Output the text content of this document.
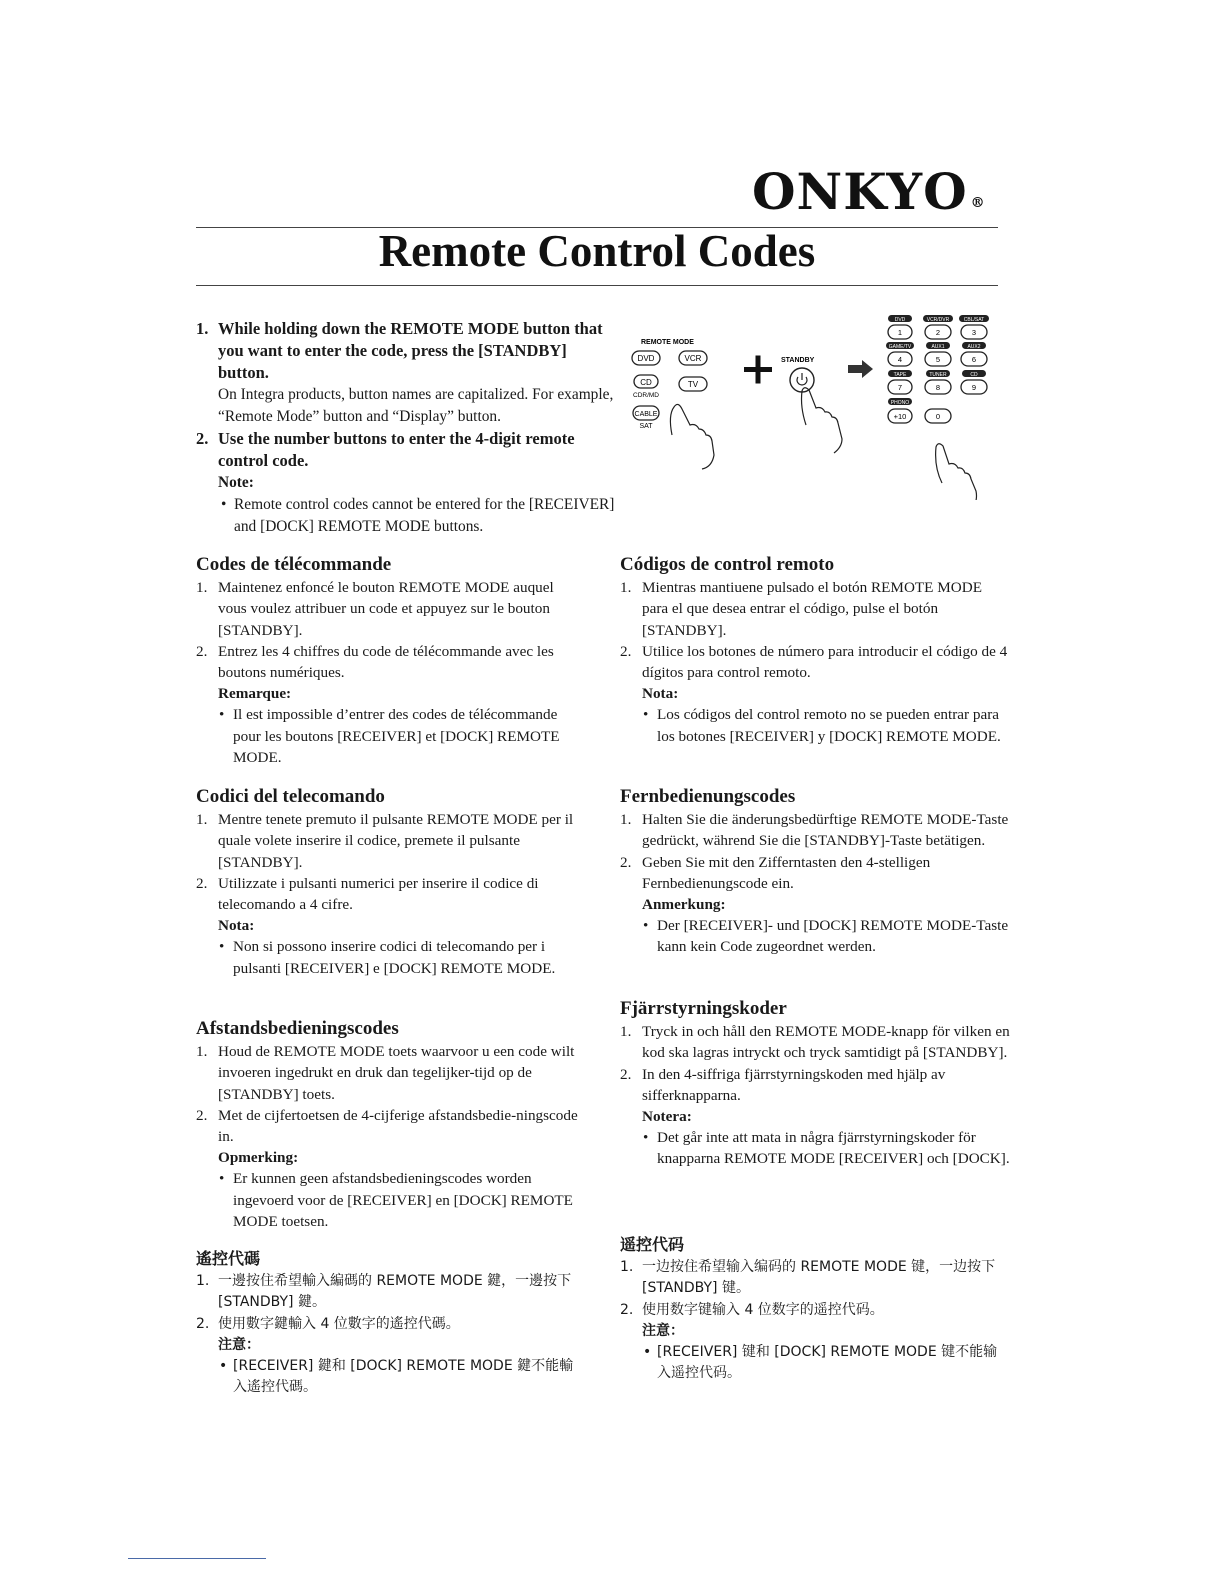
ONKYO ®
Remote Control Codes
1. While holding down the REMOTE MODE button that you want to enter the code, press the [STANDBY] button.
On Integra products, button names are capitalized. For example, “Remote Mode” button and “Display” button.
2. Use the number buttons to enter the 4-digit remote control code.
Note:
• Remote control codes cannot be entered for the [RECEIVER] and [DOCK] REMOTE MODE buttons.
REMOTE MODE
DVD	VCR
CD	TV
CDR/MD
CABLE
SAT
STANDBY
DVD	VCR/DVR	CBL/SAT
1	2	3
GAME/TV	AUX1	AUX2
4	5	6
TAPE	TUNER	CD
7	8	9
PHONO
+10	0
Codes de télécommande
1. Maintenez enfoncé le bouton REMOTE MODE auquel vous voulez attribuer un code et appuyez sur le bouton [STANDBY].
2. Entrez les 4 chiffres du code de télécommande avec les boutons numériques.
Remarque:
• Il est impossible d’entrer des codes de télécommande pour les boutons [RECEIVER] et [DOCK] REMOTE MODE.
Codici del telecomando
1. Mentre tenete premuto il pulsante REMOTE MODE per il quale volete inserire il codice, premete il pulsante [STANDBY].
2. Utilizzate i pulsanti numerici per inserire il codice di telecomando a 4 cifre.
Nota:
• Non si possono inserire codici di telecomando per i pulsanti [RECEIVER] e [DOCK] REMOTE MODE.
Afstandsbedieningscodes
1. Houd de REMOTE MODE toets waarvoor u een code wilt invoeren ingedrukt en druk dan tegelijker-tijd op de [STANDBY] toets.
2. Met de cijfertoetsen de 4-cijferige afstandsbedie-ningscode in.
Opmerking:
• Er kunnen geen afstandsbedieningscodes worden ingevoerd voor de [RECEIVER] en [DOCK] REMOTE MODE toetsen.
遙控代碼
1. 一邊按住希望輸入編碼的 REMOTE MODE 鍵，一邊按下 [STANDBY] 鍵。
2. 使用數字鍵輸入 4 位數字的遙控代碼。
注意：
• [RECEIVER] 鍵和 [DOCK] REMOTE MODE 鍵不能輸入遙控代碼。
Códigos de control remoto
1. Mientras mantiuene pulsado el botón REMOTE MODE para el que desea entrar el código, pulse el botón [STANDBY].
2. Utilice los botones de número para introducir el código de 4 dígitos para control remoto.
Nota:
• Los códigos del control remoto no se pueden entrar para los botones [RECEIVER] y [DOCK] REMOTE MODE.
Fernbedienungscodes
1. Halten Sie die änderungsbedürftige REMOTE MODE-Taste gedrückt, während Sie die [STANDBY]-Taste betätigen.
2. Geben Sie mit den Zifferntasten den 4-stelligen Fernbedienungscode ein.
Anmerkung:
• Der [RECEIVER]- und [DOCK] REMOTE MODE-Taste kann kein Code zugeordnet werden.
Fjärrstyrningskoder
1. Tryck in och håll den REMOTE MODE-knapp för vilken en kod ska lagras intryckt och tryck samtidigt på [STANDBY].
2. In den 4-siffriga fjärrstyrningskoden med hjälp av sifferknapparna.
Notera:
• Det går inte att mata in några fjärrstyrningskoder för knapparna REMOTE MODE [RECEIVER] och [DOCK].
遥控代码
1. 一边按住希望输入编码的 REMOTE MODE 键，一边按下 [STANDBY] 键。
2. 使用数字键输入 4 位数字的遥控代码。
注意：
• [RECEIVER] 键和 [DOCK] REMOTE MODE 键不能输入遥控代码。
